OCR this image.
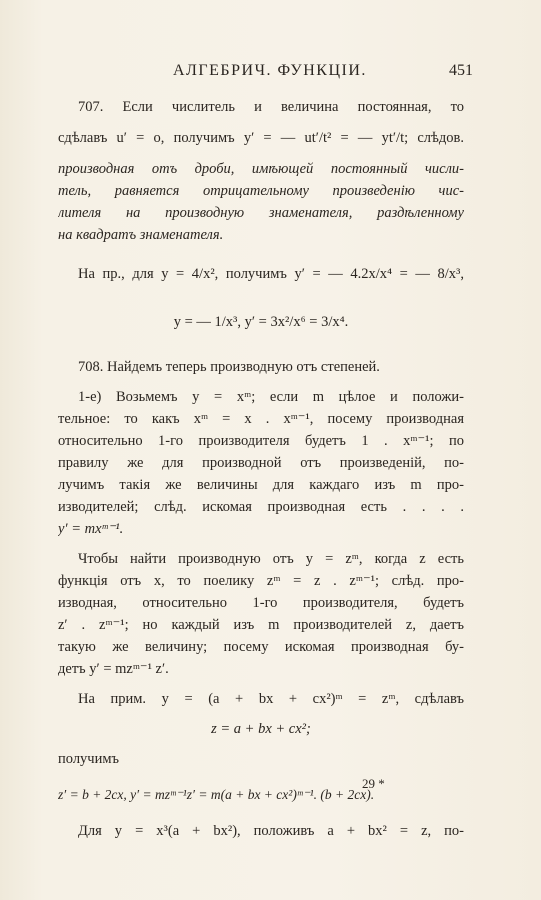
АЛГЕБРИЧ. ФУНКЦІИ.	451
707. Если числитель и величина постоянная, то
сдѣлавъ u′ = o, получимъ y′ = — ut′/t² = — yt′/t; слѣдов.
производная отъ дроби, имѣющей постоянный числи-
тель, равняется отрицательному произведенію чис-
лителя на производную знаменателя, раздѣленному
на квадратъ знаменателя.
На пр., для y = 4/x², получимъ y′ = — 4.2x/x⁴ = — 8/x³,
y = — 1/x³, y′ = 3x²/x⁶ = 3/x⁴.
708. Найдемъ теперь производную отъ степеней.
1-е) Возьмемъ y = xᵐ; если m цѣлое и положи-
тельное: то какъ xᵐ = x . xᵐ⁻¹, посему производная
относительно 1-го производителя будетъ 1 . xᵐ⁻¹; по
правилу же для производной отъ произведеній, по-
лучимъ такія же величины для каждаго изъ m про-
изводителей; слѣд. искомая производная есть . . . .
y′ = mxᵐ⁻¹.
Чтобы найти производную отъ y = zᵐ, когда z есть
функція отъ x, то поелику zᵐ = z . zᵐ⁻¹; слѣд. про-
изводная, относительно 1-го производителя, будетъ
z′ . zᵐ⁻¹; но каждый изъ m производителей z, даетъ
такую же величину; посему искомая производная бу-
детъ y′ = mzᵐ⁻¹ z′.
На прим. y = (a + bx + cx²)ᵐ = zᵐ, сдѣлавъ
z = a + bx + cx²;
получимъ
z′ = b + 2cx, y′ = mzᵐ⁻¹z′ = m(a + bx + cx²)ᵐ⁻¹. (b + 2cx).
Для y = x³(a + bx²), положивъ a + bx² = z, по-
29 *
